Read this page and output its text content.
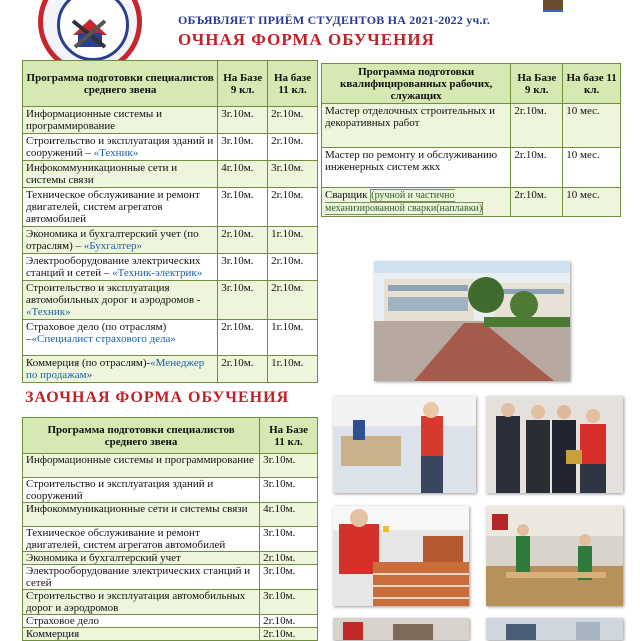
ОБЪЯВЛЯЕТ ПРИЁМ СТУДЕНТОВ НА 2021-2022 уч.г.
ОЧНАЯ ФОРМА ОБУЧЕНИЯ
Программа подготовки специалистов среднего звена	На Базе 9 кл.	На базе 11 кл.
Информационные системы и программирование	3г.10м.	2г.10м.
Строительство и эксплуатация зданий и сооружений – «Техник»	3г.10м.	2г.10м.
Инфокоммуникационные сети и системы связи	4г.10м.	3г.10м.
Техническое обслуживание и ремонт двигателей, систем агрегатов автомобилей	3г.10м.	2г.10м.
Экономика и бухгалтерский учет (по отраслям) – «Бухгалтер»	2г.10м.	1г.10м.
Электрооборудование электрических станций и сетей – «Техник-электрик»	3г.10м.	2г.10м.
Строительство и эксплуатация автомобильных дорог и аэродромов - «Техник»	3г.10м.	2г.10м.
Страховое дело (по отраслям) –«Специалист страхового дела»	2г.10м.	1г.10м.
Коммерция (по отраслям)-«Менеджер по продажам»	2г.10м.	1г.10м.
Программа подготовки квалифицированных рабочих, служащих	На Базе 9 кл.	На базе 11 кл.
Мастер отделочных строительных и декоративных работ	2г.10м.	10 мес.
Мастер по ремонту и обслуживанию инженерных систем жкх	2г.10м.	10 мес.
Сварщик (ручной и частично механизированной сварки(наплавки)	2г.10м.	10 мес.
ЗАОЧНАЯ ФОРМА ОБУЧЕНИЯ
Программа подготовки специалистов среднего звена	На Базе 11 кл.
Информационные системы и программирование	3г.10м.
Строительство и эксплуатация зданий и сооружений	3г.10м.
Инфокоммуникационные сети и системы связи	4г.10м.
Техническое обслуживание и ремонт двигателей, систем агрегатов автомобилей	3г.10м.
Экономика и бухгалтерский учет	2г.10м.
Электрооборудование электрических станций и сетей	3г.10м.
Строительство и эксплуатация автомобильных дорог и аэродромов	3г.10м.
Страховое дело	2г.10м.
Коммерция	2г.10м.
